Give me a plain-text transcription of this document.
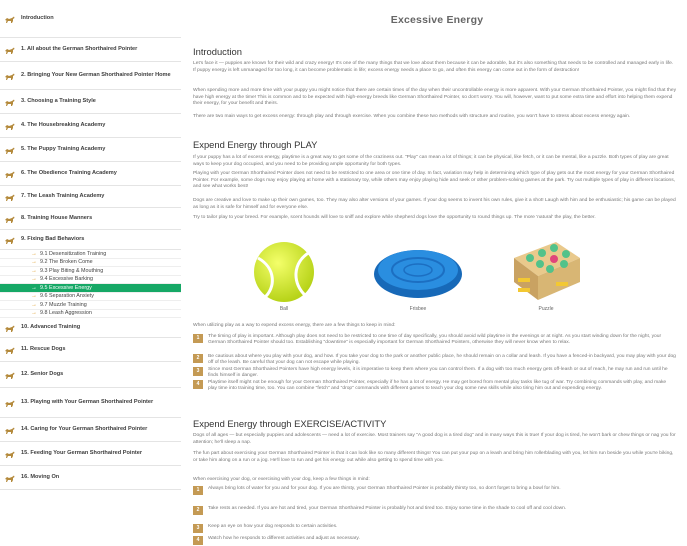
Introduction
1. All about the German Shorthaired Pointer
2. Bringing Your New German Shorthaired Pointer Home
3. Choosing a Training Style
4. The Housebreaking Academy
5. The Puppy Training Academy
6. The Obedience Training Academy
7. The Leash Training Academy
8. Training House Manners
9. Fixing Bad Behaviors
→ 9.1 Desensitization Training
→ 9.2 The Broken Come
→ 9.3 Play Biting & Mouthing
→ 9.4 Excessive Barking
→ 9.5 Excessive Energy
→ 9.6 Separation Anxiety
→ 9.7 Muzzle Training
→ 9.8 Leash Aggression
10. Advanced Training
11. Rescue Dogs
12. Senior Dogs
13. Playing with Your German Shorthaired Pointer
14. Caring for Your German Shorthaired Pointer
15. Feeding Your German Shorthaired Pointer
16. Moving On
Excessive Energy
Introduction

Let's face it — puppies are known for their wild and crazy energy! It's one of the many things that we love about them because it can be adorable, but it's also something that needs to be controlled and managed early in life. If puppy energy is left unmanaged for too long, it can become problematic in life; excess energy needs a place to go, and often this energy can come out in the form of destruction!

When spending more and more time with your puppy you might notice that there are certain times of the day when their uncontrollable energy is more apparent. With your German Shorthaired Pointer, you might find that they have high energy at the time! This is common and to be expected with high-energy breeds like German Shorthaired Pointer, so don't worry. You will, however, want to put some extra time and effort into helping them expend their energy, for your benefit and theirs.

There are two main ways to get excess energy: through play and through exercise. When you combine these two methods with structure and routine, you won't have to stress about excess energy again.

Expend Energy through PLAY

If your puppy has a lot of excess energy, playtime is a great way to get some of the craziness out. "Play" can mean a lot of things; it can be physical, like fetch, or it can be mental, like a puzzle. Both types of play are great ways to keep your dog occupied, and you need to be providing ample opportunity for both types.

Playing with your German Shorthaired Pointer does not need to be restricted to one area or one time of day. In fact, variation may help in determining which type of play gets out the most energy for your German Shorthaired Pointer. For example, some dogs may enjoy playing at home with a stationary toy, while others may enjoy playing hide and seek or other problem-solving games at the park. Try out multiple types of play in different locations, and see what works best!

Dogs are creative and love to make up their own games, too. They may also alter versions of your games. If your dog seems to invent his own rules, give it a shot! Laugh with him and be enthusiastic; his game can be played as long as it is safe for himself and for everyone else.

Try to tailor play to your breed. For example, scent hounds will love to sniff and explore while shepherd dogs love the opportunity to round things up. The more 'natural' the play, the better.

Ball	Frisbee	Puzzle

When utilizing play as a way to expend excess energy, there are a few things to keep in mind:

1	The timing of play is important. Although play does not need to be restricted to one time of day specifically, you should avoid wild playtime in the evenings or at night. As you start winding down for the night, your German Shorthaired Pointer should too. Establishing "downtime" is especially important for German Shorthaired Pointers, otherwise they will never know when to relax.
2	Be cautious about where you play with your dog, and how. If you take your dog to the park or another public place, he should remain on a collar and leash. If you have a fenced-in backyard, you may play with your dog off of the leash. Be careful that your dog can not escape while playing.
3	Since most German Shorthaired Pointers have high energy levels, it is imperative to keep them where you can control them. If a dog with too much energy gets off-leash or out of reach, he may run and run until he finds himself in danger.
4	Playtime itself might not be enough for your German Shorthaired Pointer, especially if he has a lot of energy. He may get bored from mental play tasks like tug of war. Try combining commands with play, and make play time into training time, too. You can combine "fetch" and "drop" commands with different games to teach your dog some new skills while also tiring him out and expending energy.
Expend Energy through EXERCISE/ACTIVITY

Dogs of all ages — but especially puppies and adolescents — need a lot of exercise. Most trainers say "A good dog is a tired dog" and in many ways this is true! If your dog is tired, he won't bark or chew things or nag you for attention; he'll sleep a nap.

The fun part about exercising your German Shorthaired Pointer is that it can look like so many different things! You can put your pup on a leash and bring him rollerblading with you, let him run beside you while you're biking, or take him along on a run or a jog. He'll love to run and get his energy out while also getting to spend time with you.

When exercising your dog, or exercising with your dog, keep a few things in mind:

1	Always bring lots of water for you and for your dog. If you are thirsty, your German Shorthaired Pointer is probably thirsty too, so don't forget to bring a bowl for him.
2	Take rests as needed. If you are hot and tired, your German Shorthaired Pointer is probably hot and tired too. Enjoy some time in the shade to cool off and cool down.
3	Keep an eye on how your dog responds to certain activities.
4	Watch how he responds to different activities and adjust as necessary.
